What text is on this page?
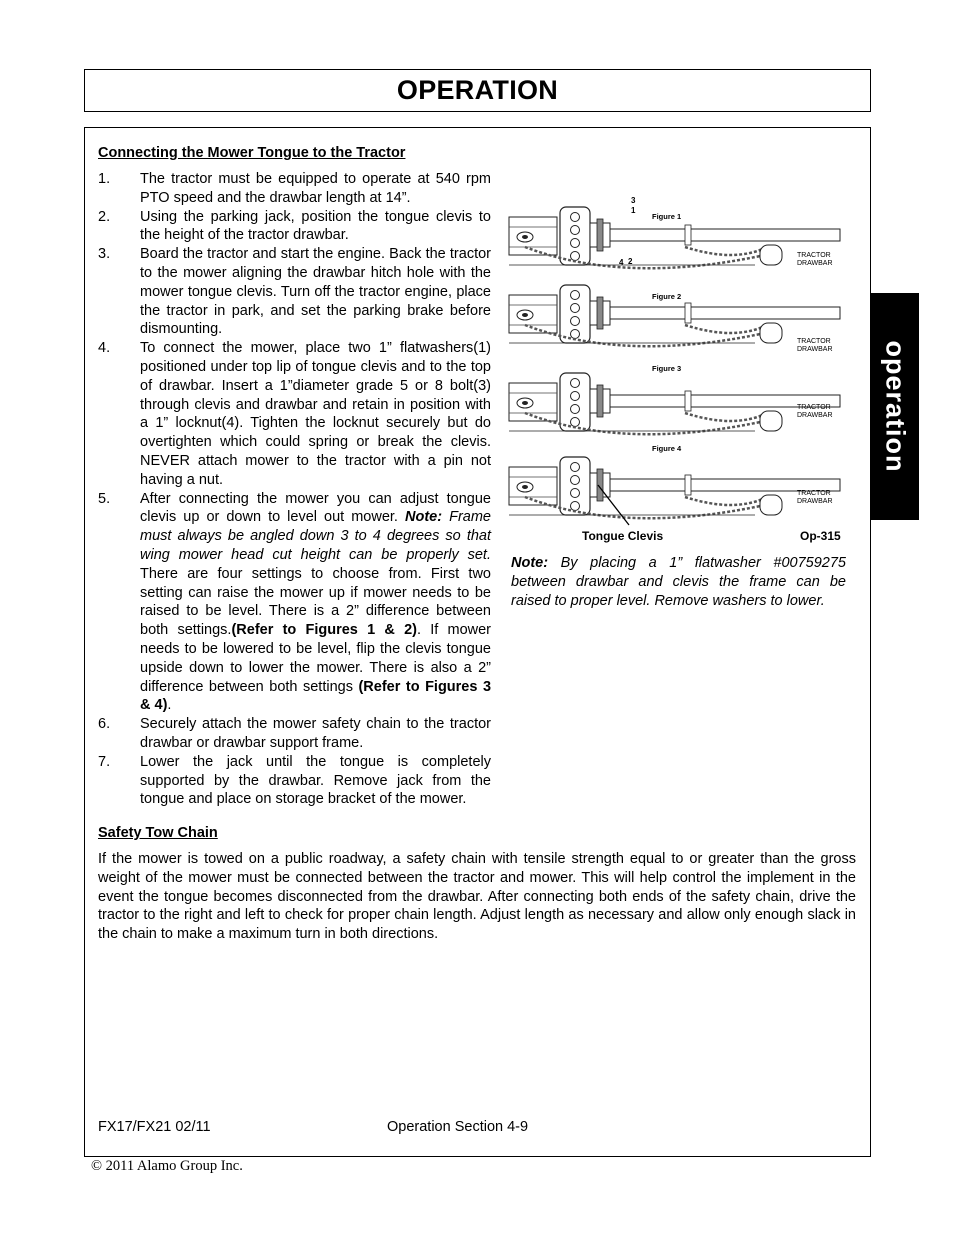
OPERATION
operation
Connecting the Mower Tongue to the Tractor
1.	The tractor must be equipped to operate at 540 rpm PTO speed and the drawbar length at 14”.
2.	Using the parking jack, position the tongue clevis to the height of the tractor drawbar.
3.	Board the tractor and start the engine. Back the tractor to the mower aligning the drawbar hitch hole with the mower tongue clevis. Turn off the tractor engine, place the tractor in park, and set the parking brake before dismounting.
4.	To connect the mower, place two 1” flatwashers(1) positioned under top lip of tongue clevis and to the top of drawbar. Insert a 1”diameter grade 5 or 8 bolt(3) through clevis and drawbar and retain in position with a 1” locknut(4). Tighten the locknut securely but do overtighten which could spring or break the clevis. NEVER attach mower to the tractor with a pin not having a nut.
5.	After connecting the mower you can adjust tongue clevis up or down to level out mower. Note: Frame must always be angled down 3 to 4 degrees so that wing mower head cut height can be properly set. There are four settings to choose from. First two setting can raise the mower up if mower needs to be raised to be level. There is a 2” difference between both settings.(Refer to Figures 1 & 2). If mower needs to be lowered to be level, flip the clevis tongue upside down to lower the mower. There is also a 2” difference between both settings (Refer to Figures 3 & 4).
6.	Securely attach the mower safety chain to the tractor drawbar or drawbar support frame.
7.	Lower the jack until the tongue is completely supported by the drawbar. Remove jack from the tongue and place on storage bracket of the mower.
Figure 1
Figure 2
Figure 3
Figure 4
3
1
4 2
TRACTOR
DRAWBAR
TRACTOR
DRAWBAR
TRACTOR
DRAWBAR
TRACTOR
DRAWBAR
Tongue Clevis	Op-315
Note: By placing a 1” flatwasher #00759275 between drawbar and clevis the frame can be raised to proper level. Remove washers to lower.
Safety Tow Chain
If the mower is towed on a public roadway, a safety chain with tensile strength equal to or greater than the gross weight of the mower must be connected between the tractor and mower. This will help control the implement in the event the tongue becomes disconnected from the drawbar. After connecting both ends of the safety chain, drive the tractor to the right and left to check for proper chain length. Adjust length as necessary and allow only enough slack in the chain to make a maximum turn in both directions.
FX17/FX21 02/11	Operation Section 4-9
© 2011 Alamo Group Inc.
